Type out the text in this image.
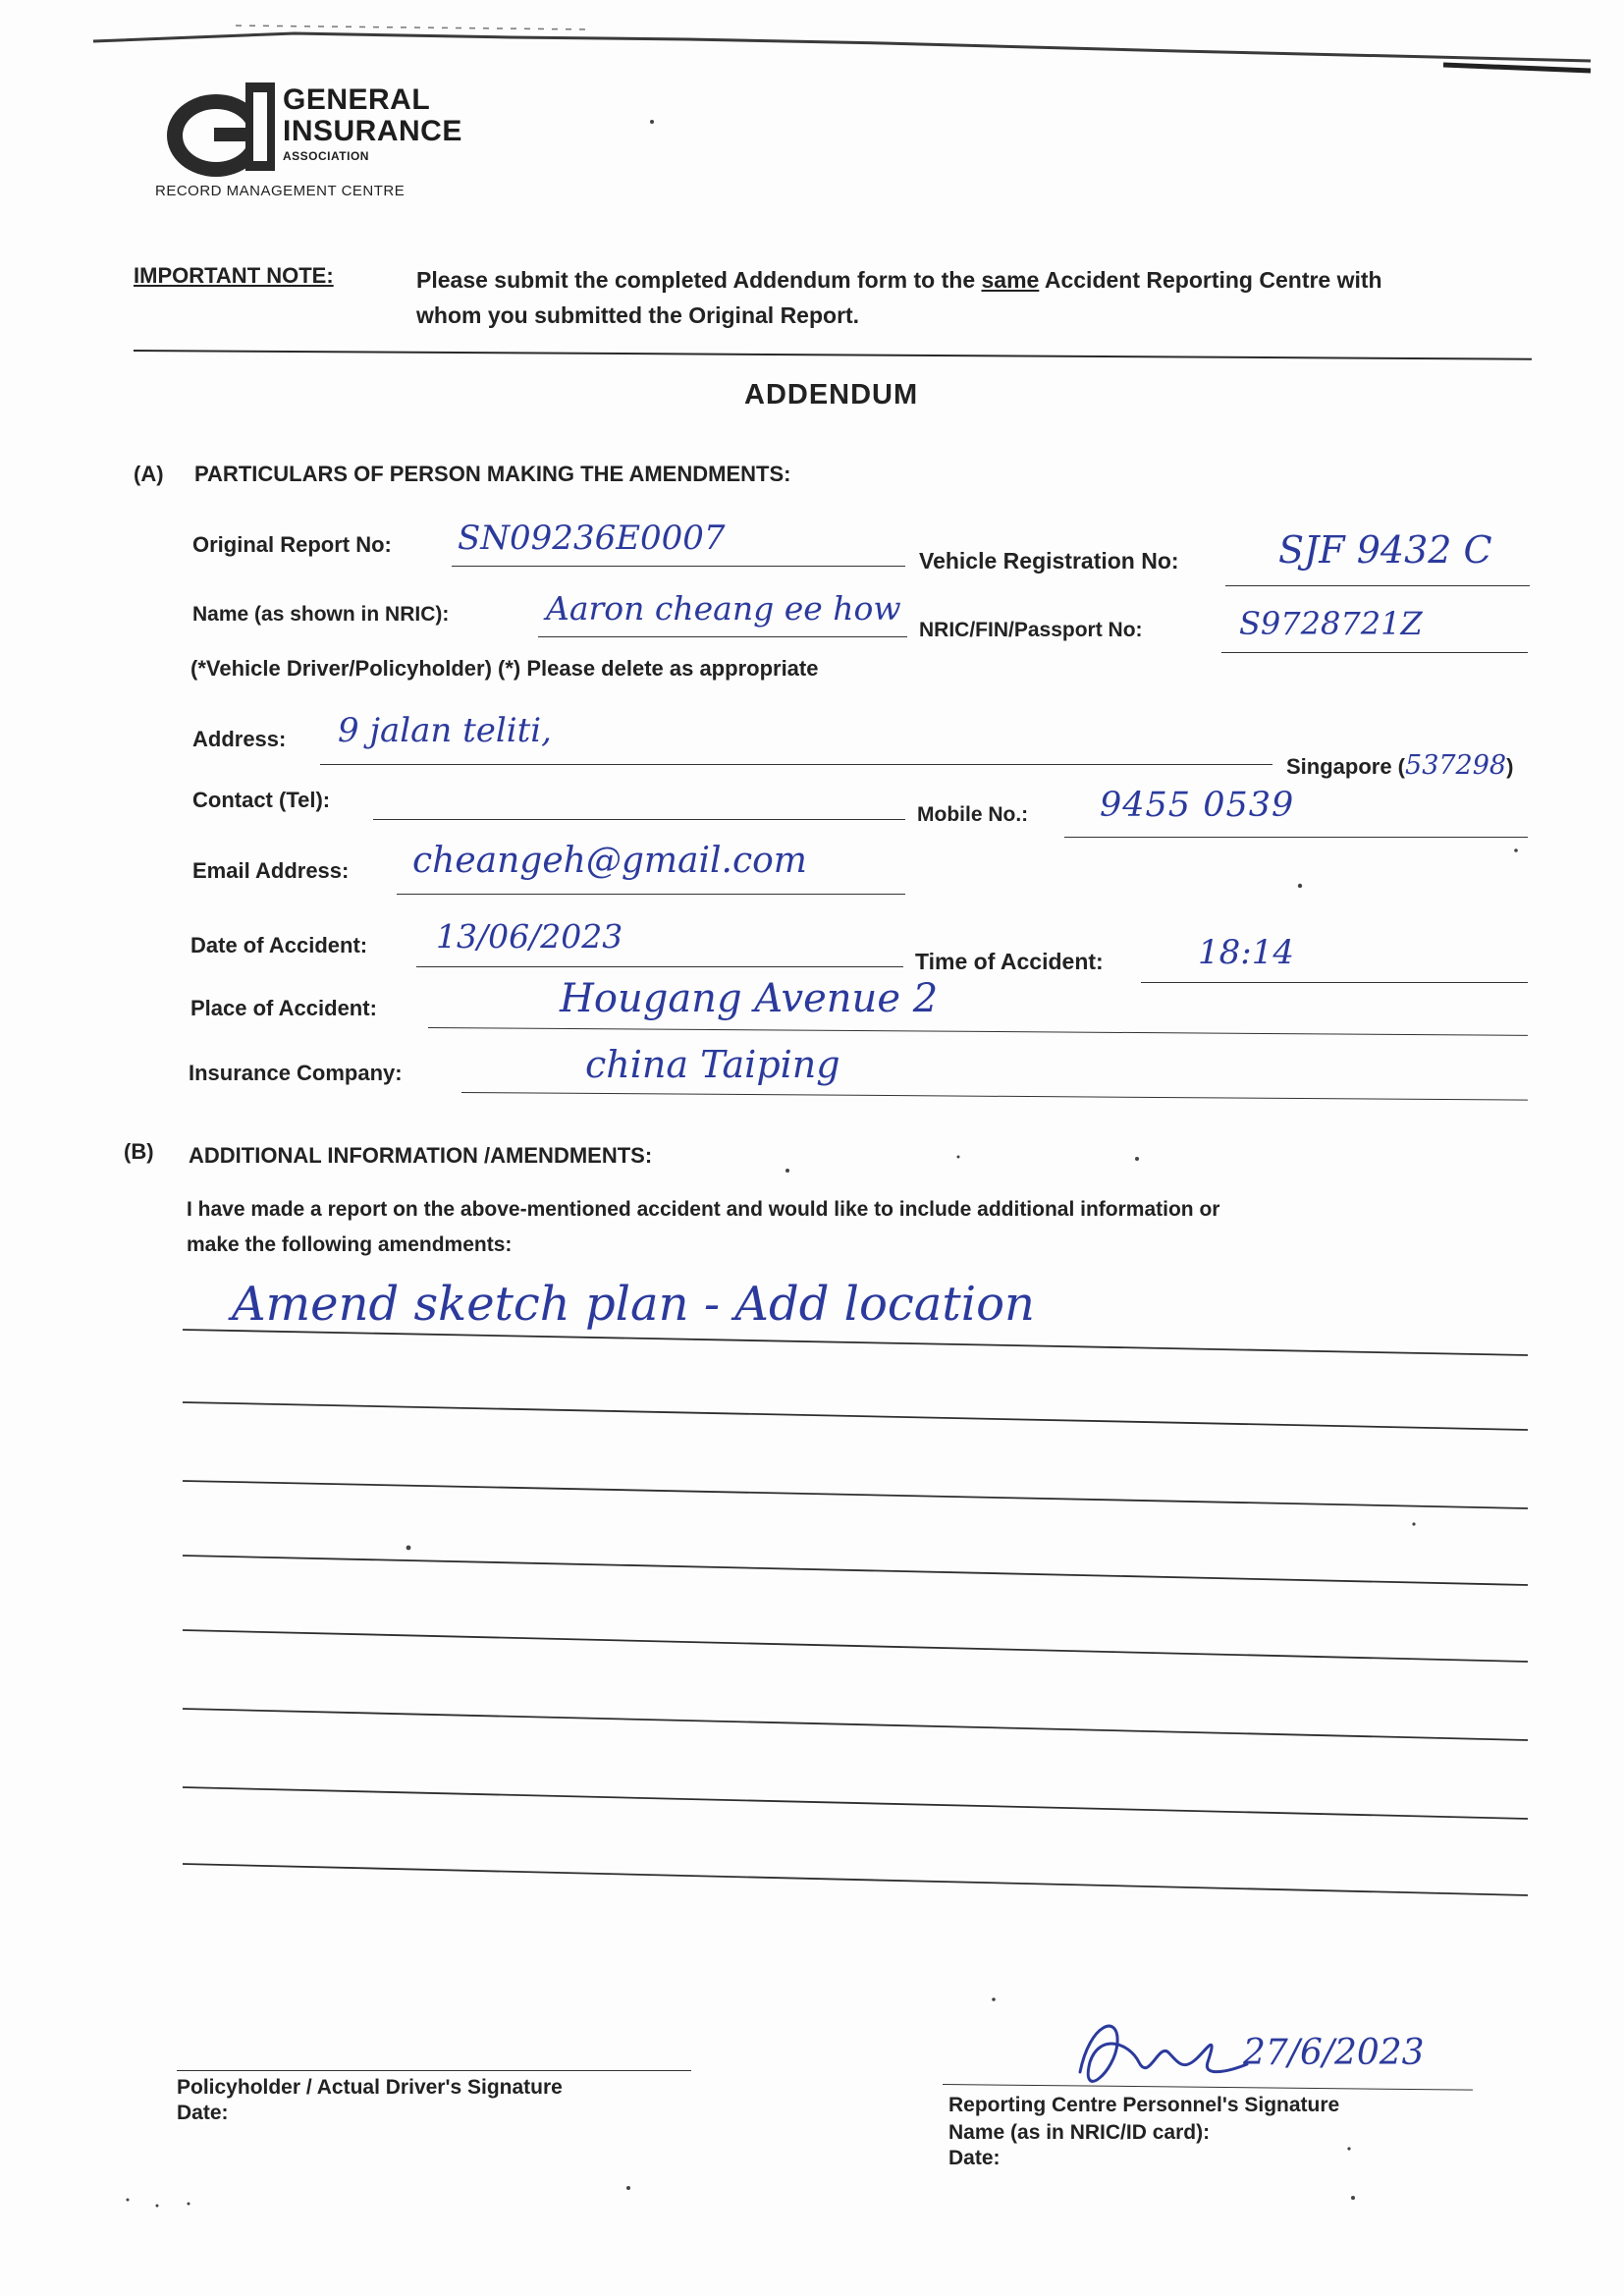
GENERAL
INSURANCE
ASSOCIATION
RECORD MANAGEMENT CENTRE
IMPORTANT NOTE:	Please submit the completed Addendum form to the same Accident Reporting Centre with
whom you submitted the Original Report.
ADDENDUM
(A) PARTICULARS OF PERSON MAKING THE AMENDMENTS:
Original Report No: SN09236E0007
Vehicle Registration No:	SJF 9432 C
Name (as shown in NRIC):	Aaron cheang ee how
NRIC/FIN/Passport No:	S9728721Z
(*Vehicle Driver/Policyholder) (*) Please delete as appropriate
Address: 9 jalan teliti,
Singapore (537298)
Contact (Tel):
Mobile No.: 9455 0539
Email Address: cheangeh@gmail.com
Date of Accident: 13/06/2023
Time of Accident:	18:14
Place of Accident:	Hougang Avenue 2
Insurance Company:	china Taiping
(B) ADDITIONAL INFORMATION /AMENDMENTS:
I have made a report on the above-mentioned accident and would like to include additional information or
make the following amendments:
Amend sketch plan - Add location
Policyholder / Actual Driver's Signature
Date:
27/6/2023
Reporting Centre Personnel's Signature
Name (as in NRIC/ID card):
Date:
